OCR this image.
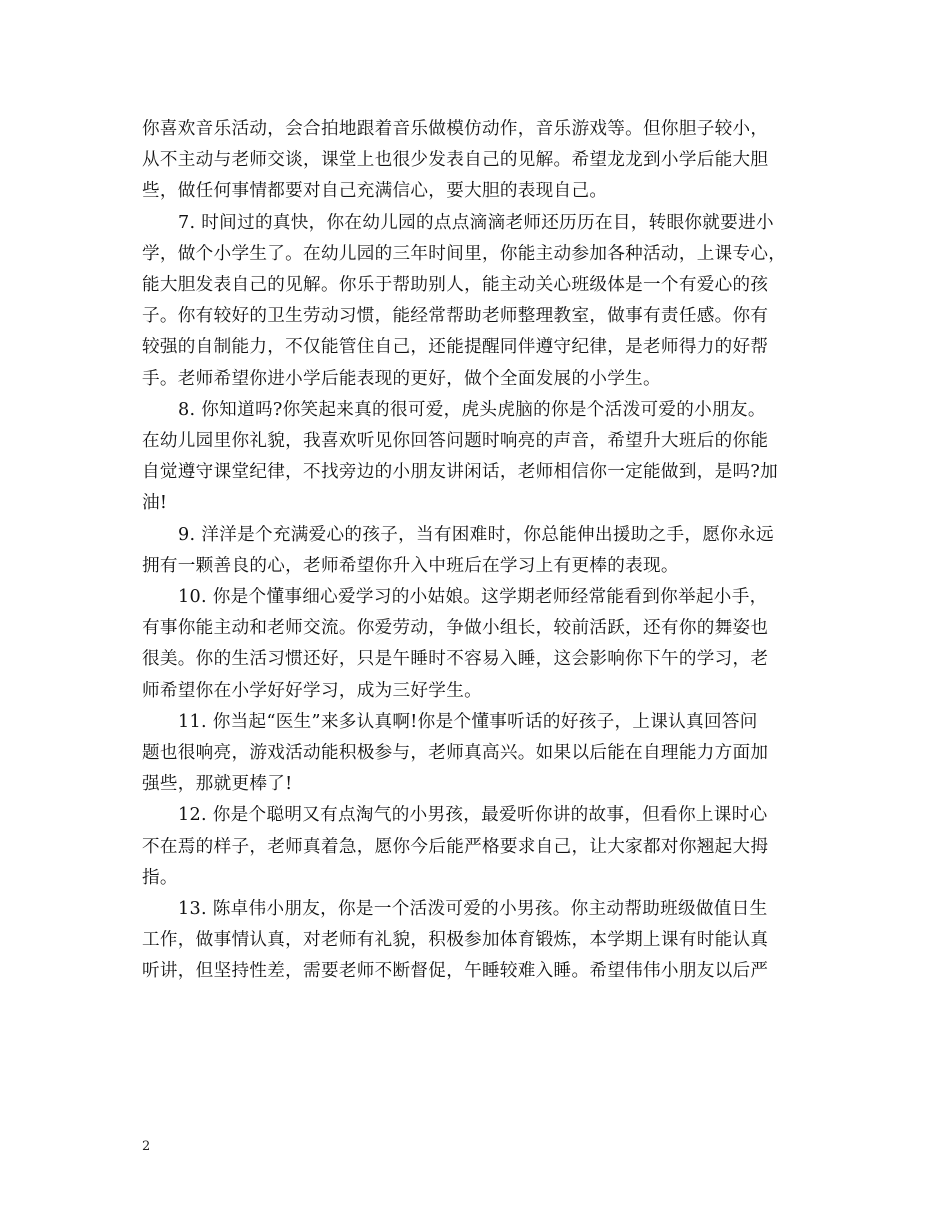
你喜欢音乐活动，会合拍地跟着音乐做模仿动作，音乐游戏等。但你胆子较小，
从不主动与老师交谈，课堂上也很少发表自己的见解。希望龙龙到小学后能大胆
些，做任何事情都要对自己充满信心，要大胆的表现自己。

7. 时间过的真快，你在幼儿园的点点滴滴老师还历历在目，转眼你就要进小
学，做个小学生了。在幼儿园的三年时间里，你能主动参加各种活动，上课专心，
能大胆发表自己的见解。你乐于帮助别人，能主动关心班级体是一个有爱心的孩
子。你有较好的卫生劳动习惯，能经常帮助老师整理教室，做事有责任感。你有
较强的自制能力，不仅能管住自己，还能提醒同伴遵守纪律，是老师得力的好帮
手。老师希望你进小学后能表现的更好，做个全面发展的小学生。

8. 你知道吗?你笑起来真的很可爱，虎头虎脑的你是个活泼可爱的小朋友。
在幼儿园里你礼貌，我喜欢听见你回答问题时响亮的声音，希望升大班后的你能
自觉遵守课堂纪律，不找旁边的小朋友讲闲话，老师相信你一定能做到，是吗?加
油!

9. 洋洋是个充满爱心的孩子，当有困难时，你总能伸出援助之手，愿你永远
拥有一颗善良的心，老师希望你升入中班后在学习上有更棒的表现。

10. 你是个懂事细心爱学习的小姑娘。这学期老师经常能看到你举起小手，
有事你能主动和老师交流。你爱劳动，争做小组长，较前活跃，还有你的舞姿也
很美。你的生活习惯还好，只是午睡时不容易入睡，这会影响你下午的学习，老
师希望你在小学好好学习，成为三好学生。

11. 你当起“医生”来多认真啊!你是个懂事听话的好孩子，上课认真回答问
题也很响亮，游戏活动能积极参与，老师真高兴。如果以后能在自理能力方面加
强些，那就更棒了!

12. 你是个聪明又有点淘气的小男孩，最爱听你讲的故事，但看你上课时心
不在焉的样子，老师真着急，愿你今后能严格要求自己，让大家都对你翘起大拇
指。

13. 陈卓伟小朋友，你是一个活泼可爱的小男孩。你主动帮助班级做值日生
工作，做事情认真，对老师有礼貌，积极参加体育锻炼，本学期上课有时能认真
听讲，但坚持性差，需要老师不断督促，午睡较难入睡。希望伟伟小朋友以后严

2
